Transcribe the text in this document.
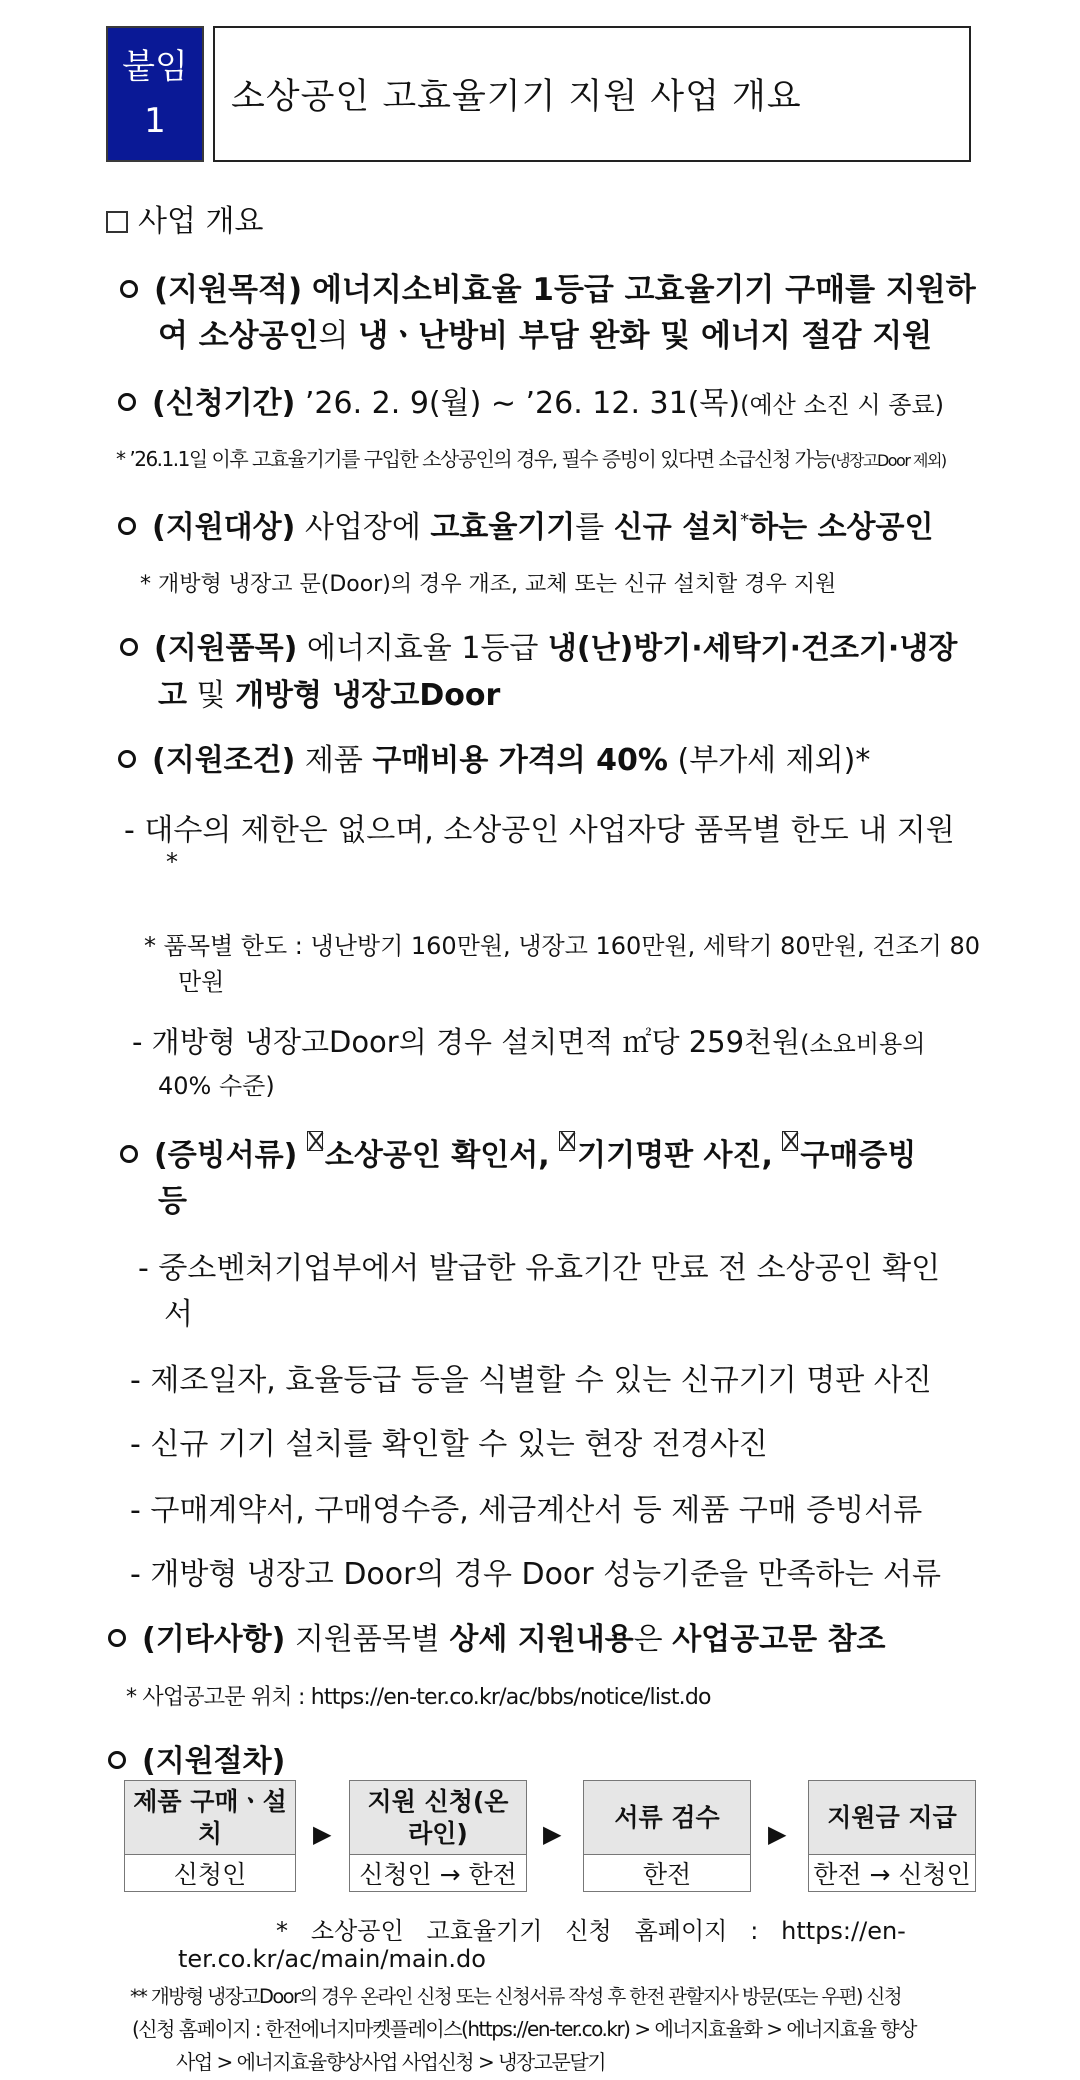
붙임
1
소상공인 고효율기기 지원 사업 개요
사업 개요
(지원목적) 에너지소비효율 1등급 고효율기기 구매를 지원하
여 소상공인의 냉ㆍ난방비 부담 완화 및 에너지 절감 지원
(신청기간) ’26. 2. 9(월) ∼ ’26. 12. 31(목)(예산 소진 시 종료)
* ’26.1.1일 이후 고효율기기를 구입한 소상공인의 경우, 필수 증빙이 있다면 소급신청 가능(냉장고Door 제외)
(지원대상) 사업장에 고효율기기를 신규 설치*하는 소상공인
* 개방형 냉장고 문(Door)의 경우 개조, 교체 또는 신규 설치할 경우 지원
(지원품목) 에너지효율 1등급 냉(난)방기·세탁기·건조기·냉장
고 및 개방형 냉장고Door
(지원조건) 제품 구매비용 가격의 40% (부가세 제외)*
- 대수의 제한은 없으며, 소상공인 사업자당 품목별 한도 내 지원
*
* 품목별 한도 : 냉난방기 160만원, 냉장고 160만원, 세탁기 80만원, 건조기 80
만원
- 개방형 냉장고Door의 경우 설치면적 ㎡당 259천원(소요비용의
40% 수준)
(증빙서류) 소상공인 확인서, 기기명판 사진, 구매증빙
등
- 중소벤처기업부에서 발급한 유효기간 만료 전 소상공인 확인
서
- 제조일자, 효율등급 등을 식별할 수 있는 신규기기 명판 사진
- 신규 기기 설치를 확인할 수 있는 현장 전경사진
- 구매계약서, 구매영수증, 세금계산서 등 제품 구매 증빙서류
- 개방형 냉장고 Door의 경우 Door 성능기준을 만족하는 서류
(기타사항) 지원품목별 상세 지원내용은 사업공고문 참조
* 사업공고문 위치 : https://en-ter.co.kr/ac/bbs/notice/list.do
(지원절차)
제품 구매ㆍ설치
신청인
▶
지원 신청(온라인)
신청인 → 한전
▶
서류 검수
한전
▶
지원금 지급
한전 → 신청인
*   소상공인   고효율기기   신청   홈페이지   :   https://en-
ter.co.kr/ac/main/main.do
** 개방형 냉장고Door의 경우 온라인 신청 또는 신청서류 작성 후 한전 관할지사 방문(또는 우편) 신청
(신청 홈페이지 : 한전에너지마켓플레이스(https://en-ter.co.kr) > 에너지효율화 > 에너지효율 향상
사업 > 에너지효율향상사업 사업신청 > 냉장고문달기
